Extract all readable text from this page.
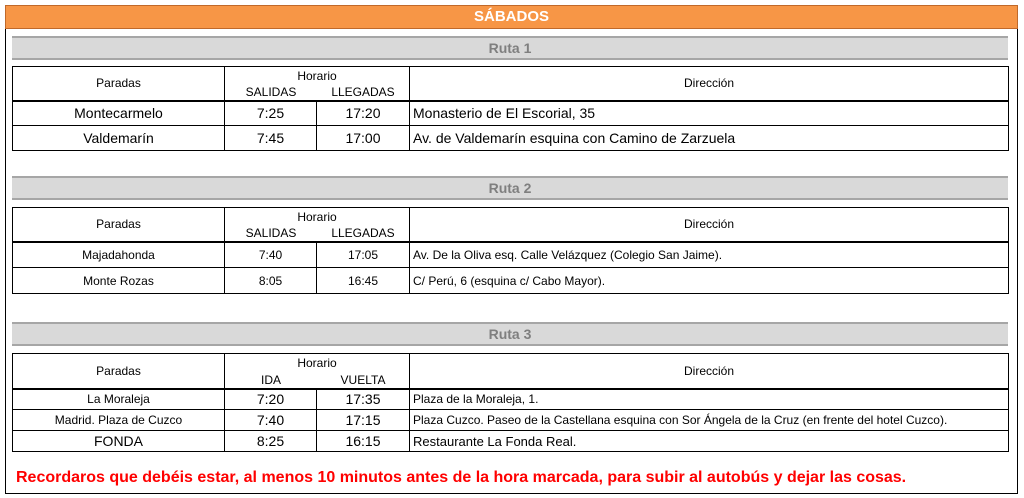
SÁBADOS
Ruta 1
Paradas	Horario
SALIDAS LLEGADAS		Dirección
Montecarmelo	7:25	17:20	Monasterio de El Escorial, 35
Valdemarín	7:45	17:00	Av. de Valdemarín esquina con Camino de Zarzuela
Ruta 2
Paradas	Horario
SALIDAS LLEGADAS		Dirección
Majadahonda	7:40	17:05	Av. De la Oliva esq. Calle Velázquez (Colegio San Jaime).
Monte Rozas	8:05	16:45	C/ Perú, 6 (esquina c/ Cabo Mayor).
Ruta 3
Paradas	Horario
IDA VUELTA		Dirección
La Moraleja	7:20	17:35	Plaza de la Moraleja, 1.
Madrid. Plaza de Cuzco	7:40	17:15	Plaza Cuzco. Paseo de la Castellana esquina con Sor Ángela de la Cruz (en frente del hotel Cuzco).
FONDA	8:25	16:15	Restaurante La Fonda Real.
Recordaros que debéis estar, al menos 10 minutos antes de la hora marcada, para subir al autobús y dejar las cosas.
